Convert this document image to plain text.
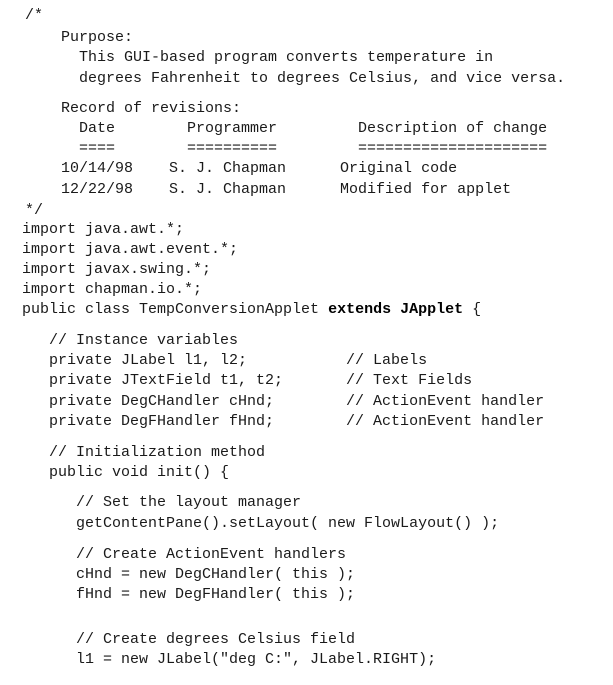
/*
Purpose:
This GUI-based program converts temperature in
degrees Fahrenheit to degrees Celsius, and vice versa.
Record of revisions:
Date        Programmer         Description of change
====        ==========         =====================
10/14/98    S. J. Chapman      Original code
12/22/98    S. J. Chapman      Modified for applet
*/
import java.awt.*;
import java.awt.event.*;
import javax.swing.*;
import chapman.io.*;
public class TempConversionApplet extends JApplet {
// Instance variables
private JLabel l1, l2;           // Labels
private JTextField t1, t2;       // Text Fields
private DegCHandler cHnd;        // ActionEvent handler
private DegFHandler fHnd;        // ActionEvent handler
// Initialization method
public void init() {
// Set the layout manager
getContentPane().setLayout( new FlowLayout() );
// Create ActionEvent handlers
cHnd = new DegCHandler( this );
fHnd = new DegFHandler( this );
// Create degrees Celsius field
l1 = new JLabel("deg C:", JLabel.RIGHT);
